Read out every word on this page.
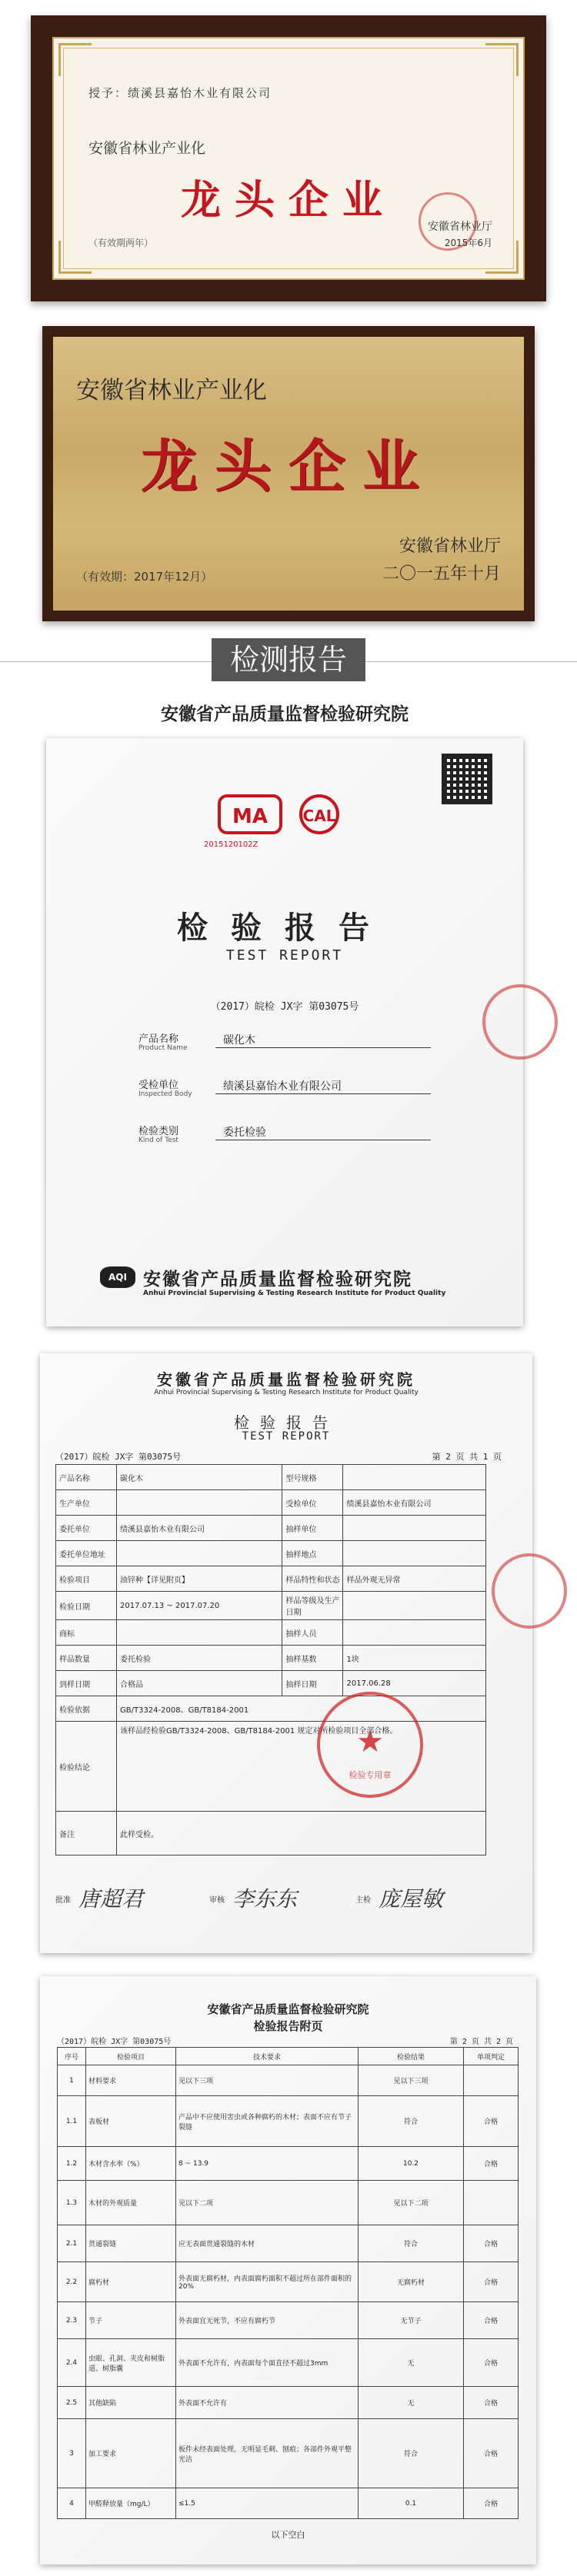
授予：绩溪县嘉怡木业有限公司
安徽省林业产业化
龙头企业
（有效期两年）
安徽省林业厅
2015年6月
安徽省林业产业化
龙头企业
安徽省林业厅
（有效期：2017年12月）	二〇一五年十月
检测报告
安徽省产品质量监督检验研究院
MA CAL
2015120102Z
检验报告
TEST REPORT
（2017）皖检 JX字 第03075号
产品名称
Product Name
碳化木
受检单位
Inspected Body
绩溪县嘉怡木业有限公司
检验类别
Kind of Test
委托检验
AQI 安徽省产品质量监督检验研究院
Anhui Provincial Supervising & Testing Research Institute for Product Quality
安徽省产品质量监督检验研究院
Anhui Provincial Supervising & Testing Research Institute for Product Quality
检验报告
TEST REPORT
（2017）皖检 JX字 第03075号	第 2 页 共 1 页
产品名称	碳化木	型号规格	
生产单位		受检单位	绩溪县嘉怡木业有限公司
委托单位	绩溪县嘉怡木业有限公司	抽样单位	
委托单位地址		抽样地点	
检验项目	油锌种【详见附页】	样品特性和状态	样品外观无异常
检验日期	2017.07.13 ~ 2017.07.20	样品等级及生产日期	
商标		抽样人员	
样品数量	委托检验	抽样基数	1块
到样日期	合格品	抽样日期	2017.06.28
检验依据	GB/T3324-2008、GB/T8184-2001		
检验结论	该样品经检验GB/T3324-2008、GB/T8184-2001 规定对所检验项目全部合格。		
备注	此样受检。		
★
检验专用章
批准 唐超君	审核 李东东	主检 庞屋敏
安徽省产品质量监督检验研究院
检验报告附页
（2017）皖检 JX字 第03075号	第 2 页 共 2 页
序号	检验项目	技术要求	检验结果	单项判定
1	材料要求	见以下三项	见以下三项	
1.1	表板材	产品中不应使用害虫或各种腐朽的木材；表面不应有节子裂缝	符合	合格
1.2	木材含水率（%）	8 ~ 13.9	10.2	合格
1.3	木材的外观质量	见以下二项	见以下二项	
2.1	贯通裂缝	应无表面贯通裂缝的木材	符合	合格
2.2	腐朽材	外表面无腐朽材，内表面腐朽面积不超过所在部件面积的20%	无腐朽材	合格
2.3	节子	外表面宜无死节，不应有腐朽节	无节子	合格
2.4	虫眼、孔洞、夹皮和树脂道、树脂囊	外表面不允许有，内表面每个面直径不超过3mm	无	合格
2.5	其他缺陷	外表面不允许有	无	合格
3	加工要求	板件未经表面处理，无明显毛刺、刨痕；各部件外观平整光洁	符合	合格
4	甲醛释放量（mg/L）	≤1.5	0.1	合格
以下空白
